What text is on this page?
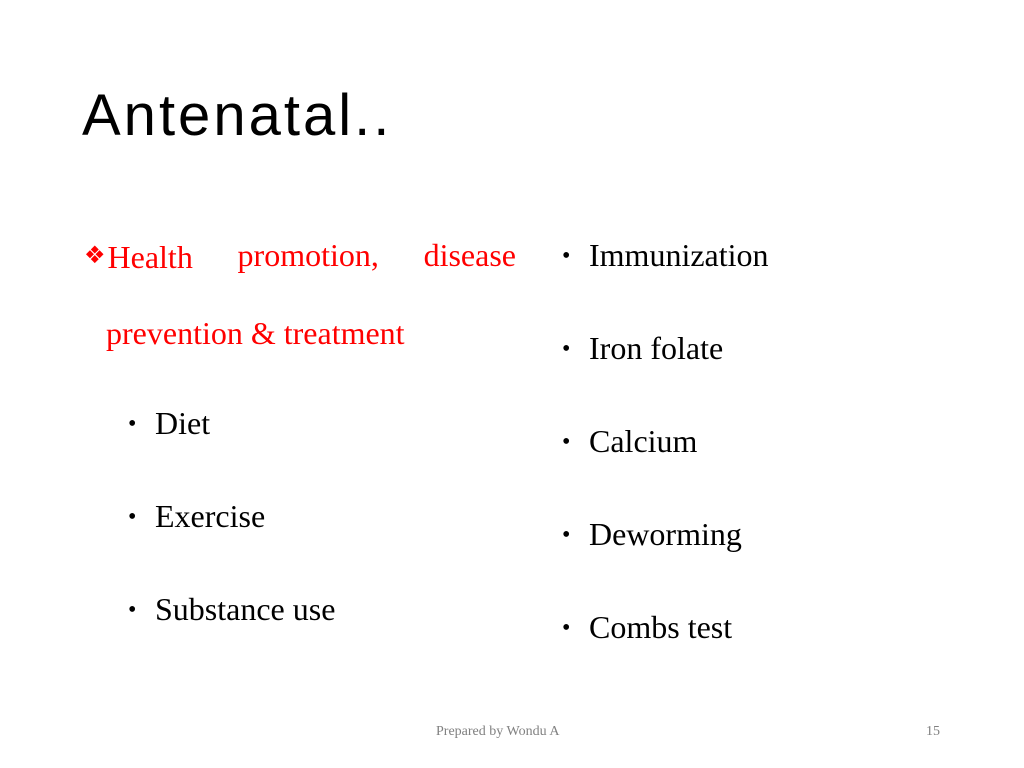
Antenatal..
❖Health promotion, disease
prevention & treatment
• Diet
• Exercise
• Substance use
• Immunization
• Iron folate
• Calcium
• Deworming
• Combs test
Prepared by Wondu A	15
